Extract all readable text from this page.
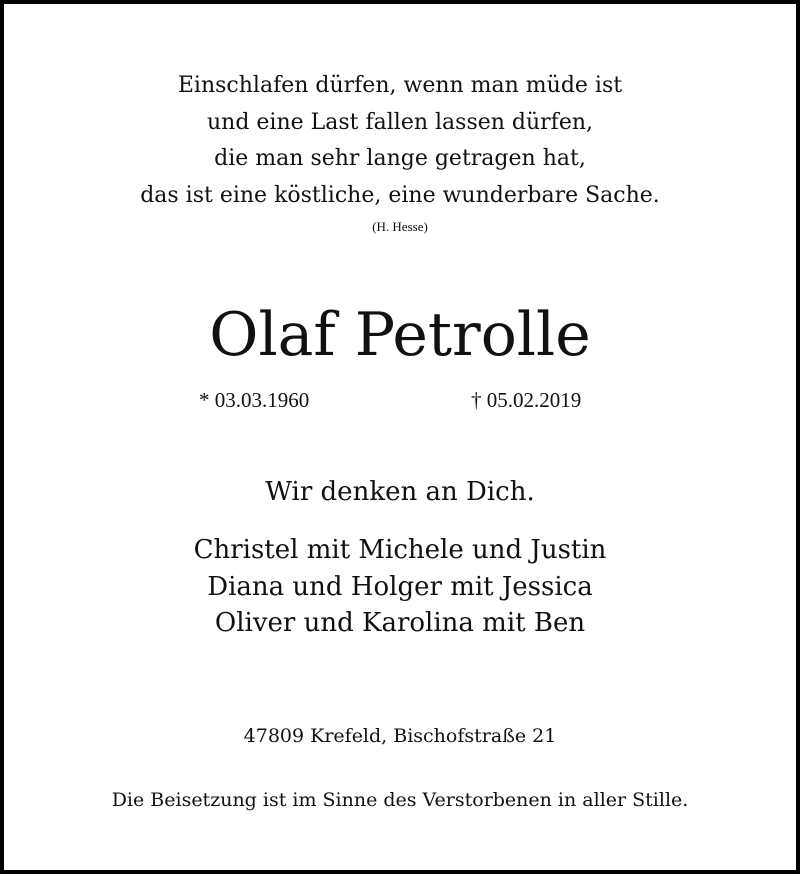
Einschlafen dürfen, wenn man müde ist
und eine Last fallen lassen dürfen,
die man sehr lange getragen hat,
das ist eine köstliche, eine wunderbare Sache.
(H. Hesse)
Olaf Petrolle
* 03.03.1960	† 05.02.2019
Wir denken an Dich.
Christel mit Michele und Justin
Diana und Holger mit Jessica
Oliver und Karolina mit Ben
47809 Krefeld, Bischofstraße 21
Die Beisetzung ist im Sinne des Verstorbenen in aller Stille.
